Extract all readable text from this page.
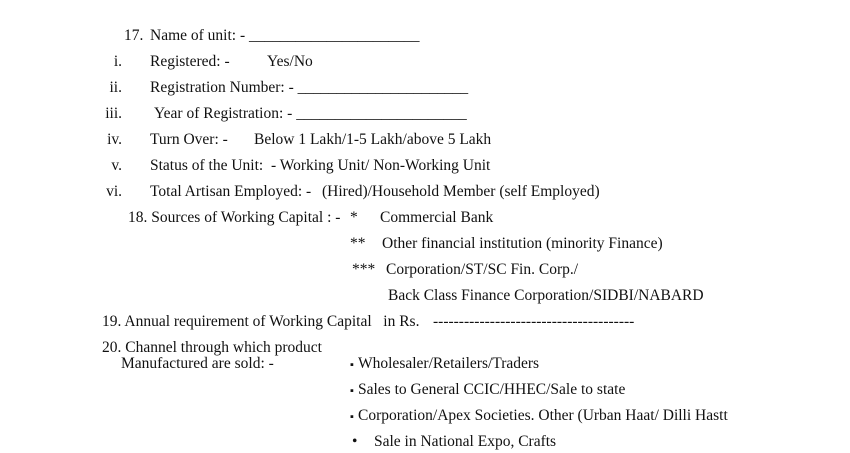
17. Name of unit: - ______________________
i. Registered: - Yes/No
ii. Registration Number: - ______________________
iii. Year of Registration: - ______________________
iv. Turn Over: - Below 1 Lakh/1-5 Lakh/above 5 Lakh
v. Status of the Unit:  - Working Unit/ Non-Working Unit
vi. Total Artisan Employed: - (Hired)/Household Member (self Employed)
18. Sources of Working Capital : - * Commercial Bank
** Other financial institution (minority Finance)
*** Corporation/ST/SC Fin. Corp./
Back Class Finance Corporation/SIDBI/NABARD
19. Annual requirement of Working Capital   in Rs. ---------------------------------------
20. Channel through which product
Manufactured are sold: -	▪ Wholesaler/Retailers/Traders
▪ Sales to General CCIC/HHEC/Sale to state
▪ Corporation/Apex Societies. Other (Urban Haat/ Dilli Hastt
• Sale in National Expo, Crafts
